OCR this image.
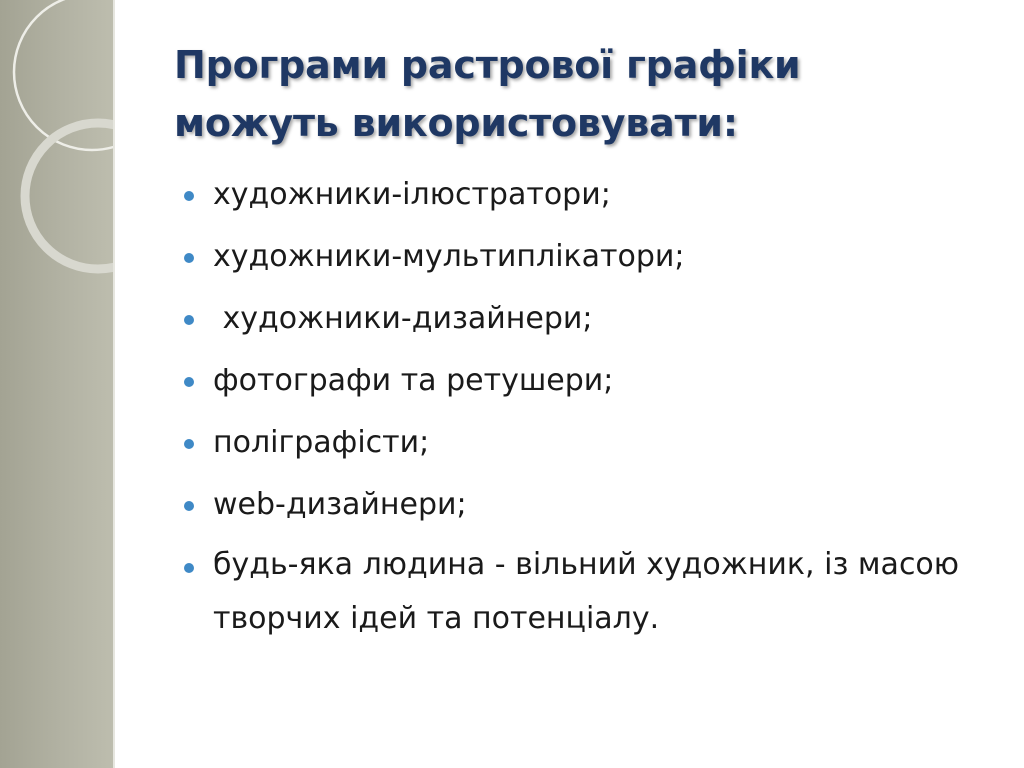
Програми растрової графіки
можуть використовувати:
художники-ілюстратори;
художники-мультиплікатори;
художники-дизайнери;
фотографи та ретушери;
поліграфісти;
web-дизайнери;
будь-яка людина - вільний художник, із масою творчих ідей та потенціалу.
